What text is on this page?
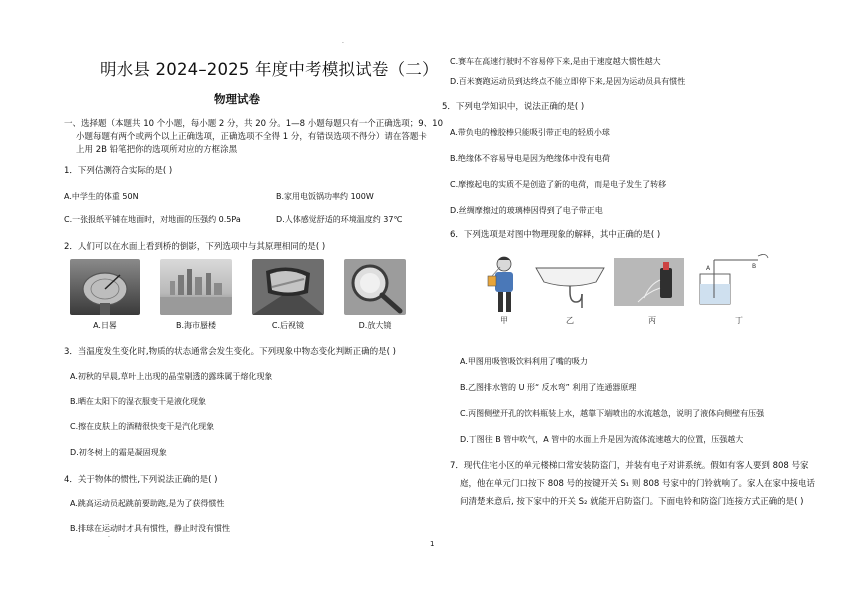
·
·
明水县 2024–2025 年度中考模拟试卷（二）
物理试卷
一、选择题（本题共 10 个小题，每小题 2 分，共 20 分。1—8 小题每题只有一个正确选项；9、10
小题每题有两个或两个以上正确选项，正确选项不全得 1 分，有错误选项不得分）请在答题卡
上用 2B 铅笔把你的选项所对应的方框涂黑
1．下列估测符合实际的是( )
A.中学生的体重 50N	B.家用电饭锅功率约 100W
C.一张报纸平铺在地面时，对地面的压强约 0.5Pa	D.人体感觉舒适的环境温度约 37℃
2．人们可以在水面上看到桥的倒影，下列选项中与其原理相同的是( )
A.日晷	B.海市蜃楼	C.后视镜	D.放大镜
3．当温度发生变化时,物质的状态通常会发生变化。下列现象中物态变化判断正确的是( )
A.初秋的早晨,草叶上出现的晶莹剔透的露珠属于熔化现象
B.晒在太阳下的湿衣服变干是液化现象
C.擦在皮肤上的酒精很快变干是汽化现象
D.初冬树上的霜是凝固现象
4．关于物体的惯性,下列说法正确的是( )
A.跳高运动员起跳前要助跑,是为了获得惯性
B.排球在运动时才具有惯性，静止时没有惯性
C.赛车在高速行驶时不容易停下来,是由于速度越大惯性越大
D.百米赛跑运动员到达终点不能立即停下来,是因为运动员具有惯性
5．下列电学知识中，说法正确的是( )
A.带负电的橡胶棒只能吸引带正电的轻质小球
B.绝缘体不容易导电是因为绝缘体中没有电荷
C.摩擦起电的实质不是创造了新的电荷，而是电子发生了转移
D.丝绸摩擦过的玻璃棒因得到了电子带正电
6．下列选项是对图中物理现象的解释，其中正确的是( )
A	B
甲	乙	丙	丁
A.甲图用吸管吸饮料利用了嘴的吸力
B.乙图排水管的 U 形“ 反水弯” 利用了连通器原理
C.丙图侧壁开孔的饮料瓶装上水，越靠下端喷出的水流越急，说明了液体向侧壁有压强
D.丁图往 B 管中吹气，A 管中的水面上升是因为流体流速越大的位置，压强越大
7．现代住宅小区的单元楼梯口常安装防盗门，并装有电子对讲系统。假如有客人要到 808 号家
庭，他在单元门口按下 808 号的按键开关 S₁ 则 808 号家中的门铃就响了。家人在家中接电话
问清楚来意后, 按下家中的开关 S₂ 就能开启防盗门。下面电铃和防盗门连接方式正确的是( )
1
